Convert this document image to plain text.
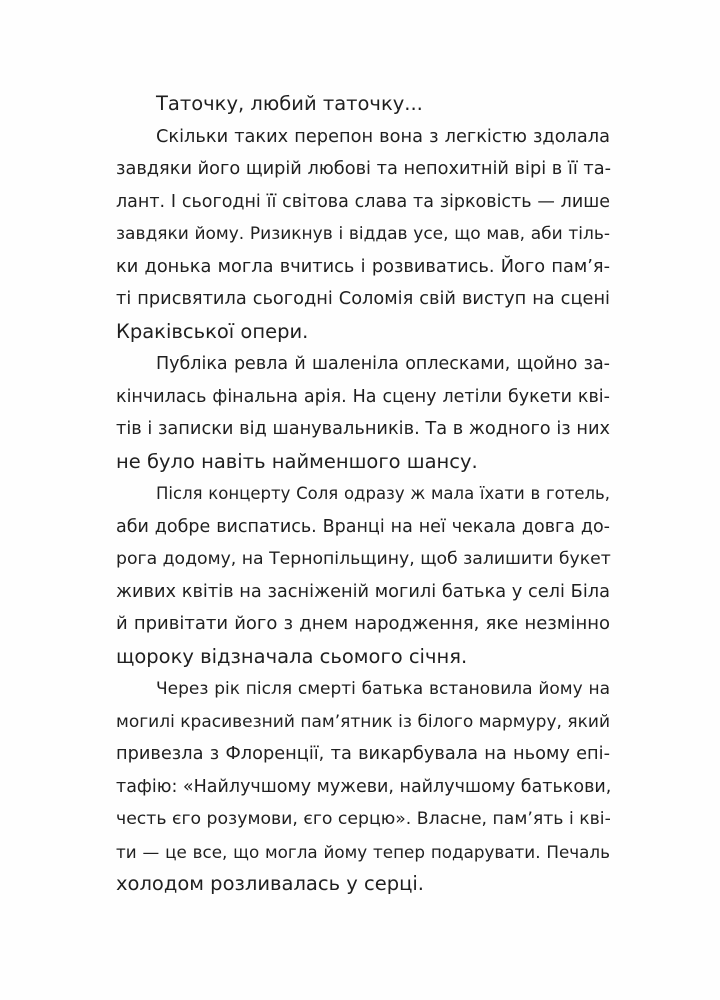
Таточку, любий таточку...
Скільки таких перепон вона з легкістю здолала
завдяки його щирій любові та непохитній вірі в її та-
лант. І сьогодні її світова слава та зірковість — лише
завдяки йому. Ризикнув і віддав усе, що мав, аби тіль-
ки донька могла вчитись і розвиватись. Його пам’я-
ті присвятила сьогодні Соломія свій виступ на сцені
Краківської опери.
Публіка ревла й шаленіла оплесками, щойно за-
кінчилась фінальна арія. На сцену летіли букети кві-
тів і записки від шанувальників. Та в жодного із них
не було навіть найменшого шансу.
Після концерту Соля одразу ж мала їхати в готель,
аби добре виспатись. Вранці на неї чекала довга до-
рога додому, на Тернопільщину, щоб залишити букет
живих квітів на засніженій могилі батька у селі Біла
й привітати його з днем народження, яке незмінно
щороку відзначала сьомого січня.
Через рік після смерті батька встановила йому на
могилі красивезний пам’ятник із білого мармуру, який
привезла з Флоренції, та викарбувала на ньому епі-
тафію: «Найлучшому мужеви, найлучшому батькови,
честь єго розумови, єго серцю». Власне, пам’ять і кві-
ти — це все, що могла йому тепер подарувати. Печаль
холодом розливалась у серці.
